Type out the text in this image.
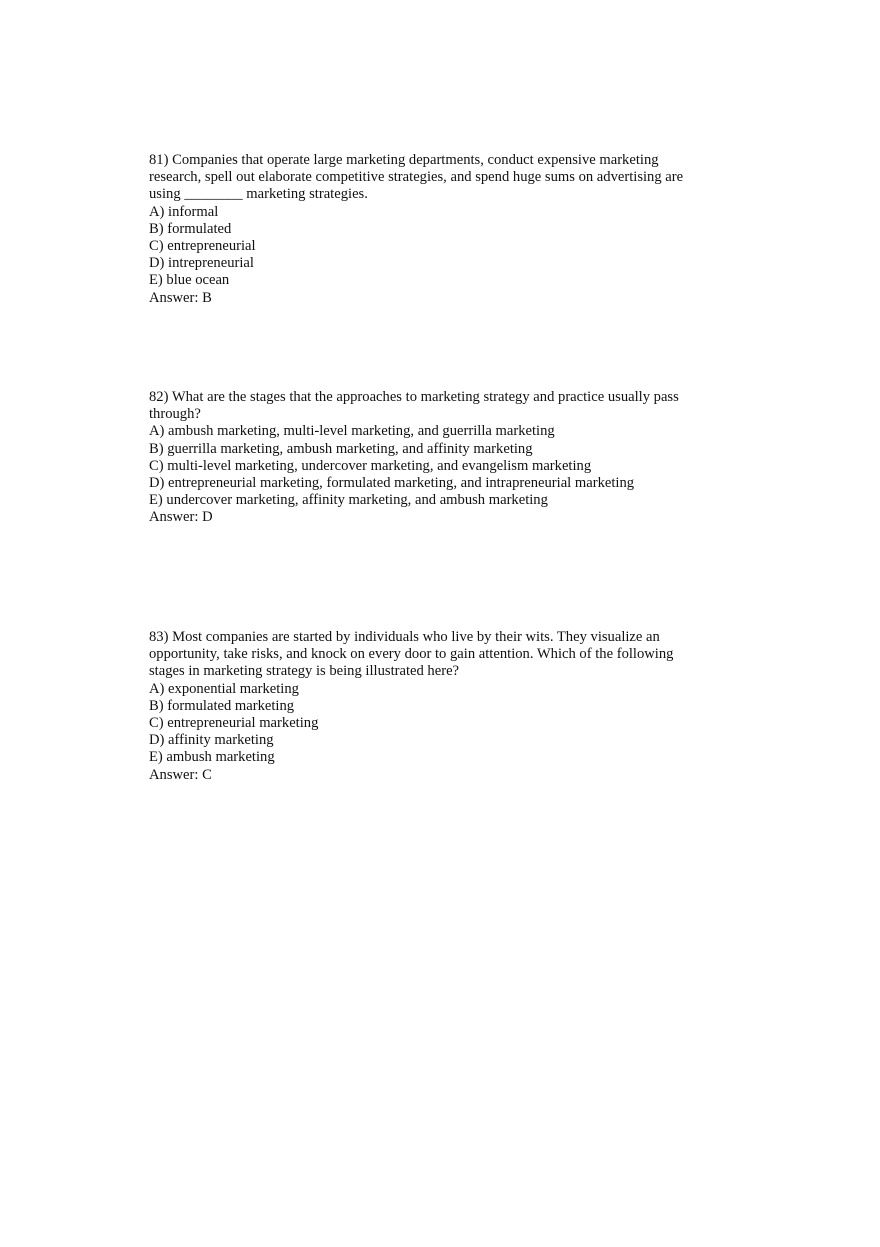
81) Companies that operate large marketing departments, conduct expensive marketing
research, spell out elaborate competitive strategies, and spend huge sums on advertising are
using ________ marketing strategies.
A) informal
B) formulated
C) entrepreneurial
D) intrepreneurial
E) blue ocean
Answer: B
82) What are the stages that the approaches to marketing strategy and practice usually pass
through?
A) ambush marketing, multi-level marketing, and guerrilla marketing
B) guerrilla marketing, ambush marketing, and affinity marketing
C) multi-level marketing, undercover marketing, and evangelism marketing
D) entrepreneurial marketing, formulated marketing, and intrapreneurial marketing
E) undercover marketing, affinity marketing, and ambush marketing
Answer: D
83) Most companies are started by individuals who live by their wits. They visualize an
opportunity, take risks, and knock on every door to gain attention. Which of the following
stages in marketing strategy is being illustrated here?
A) exponential marketing
B) formulated marketing
C) entrepreneurial marketing
D) affinity marketing
E) ambush marketing
Answer: C
